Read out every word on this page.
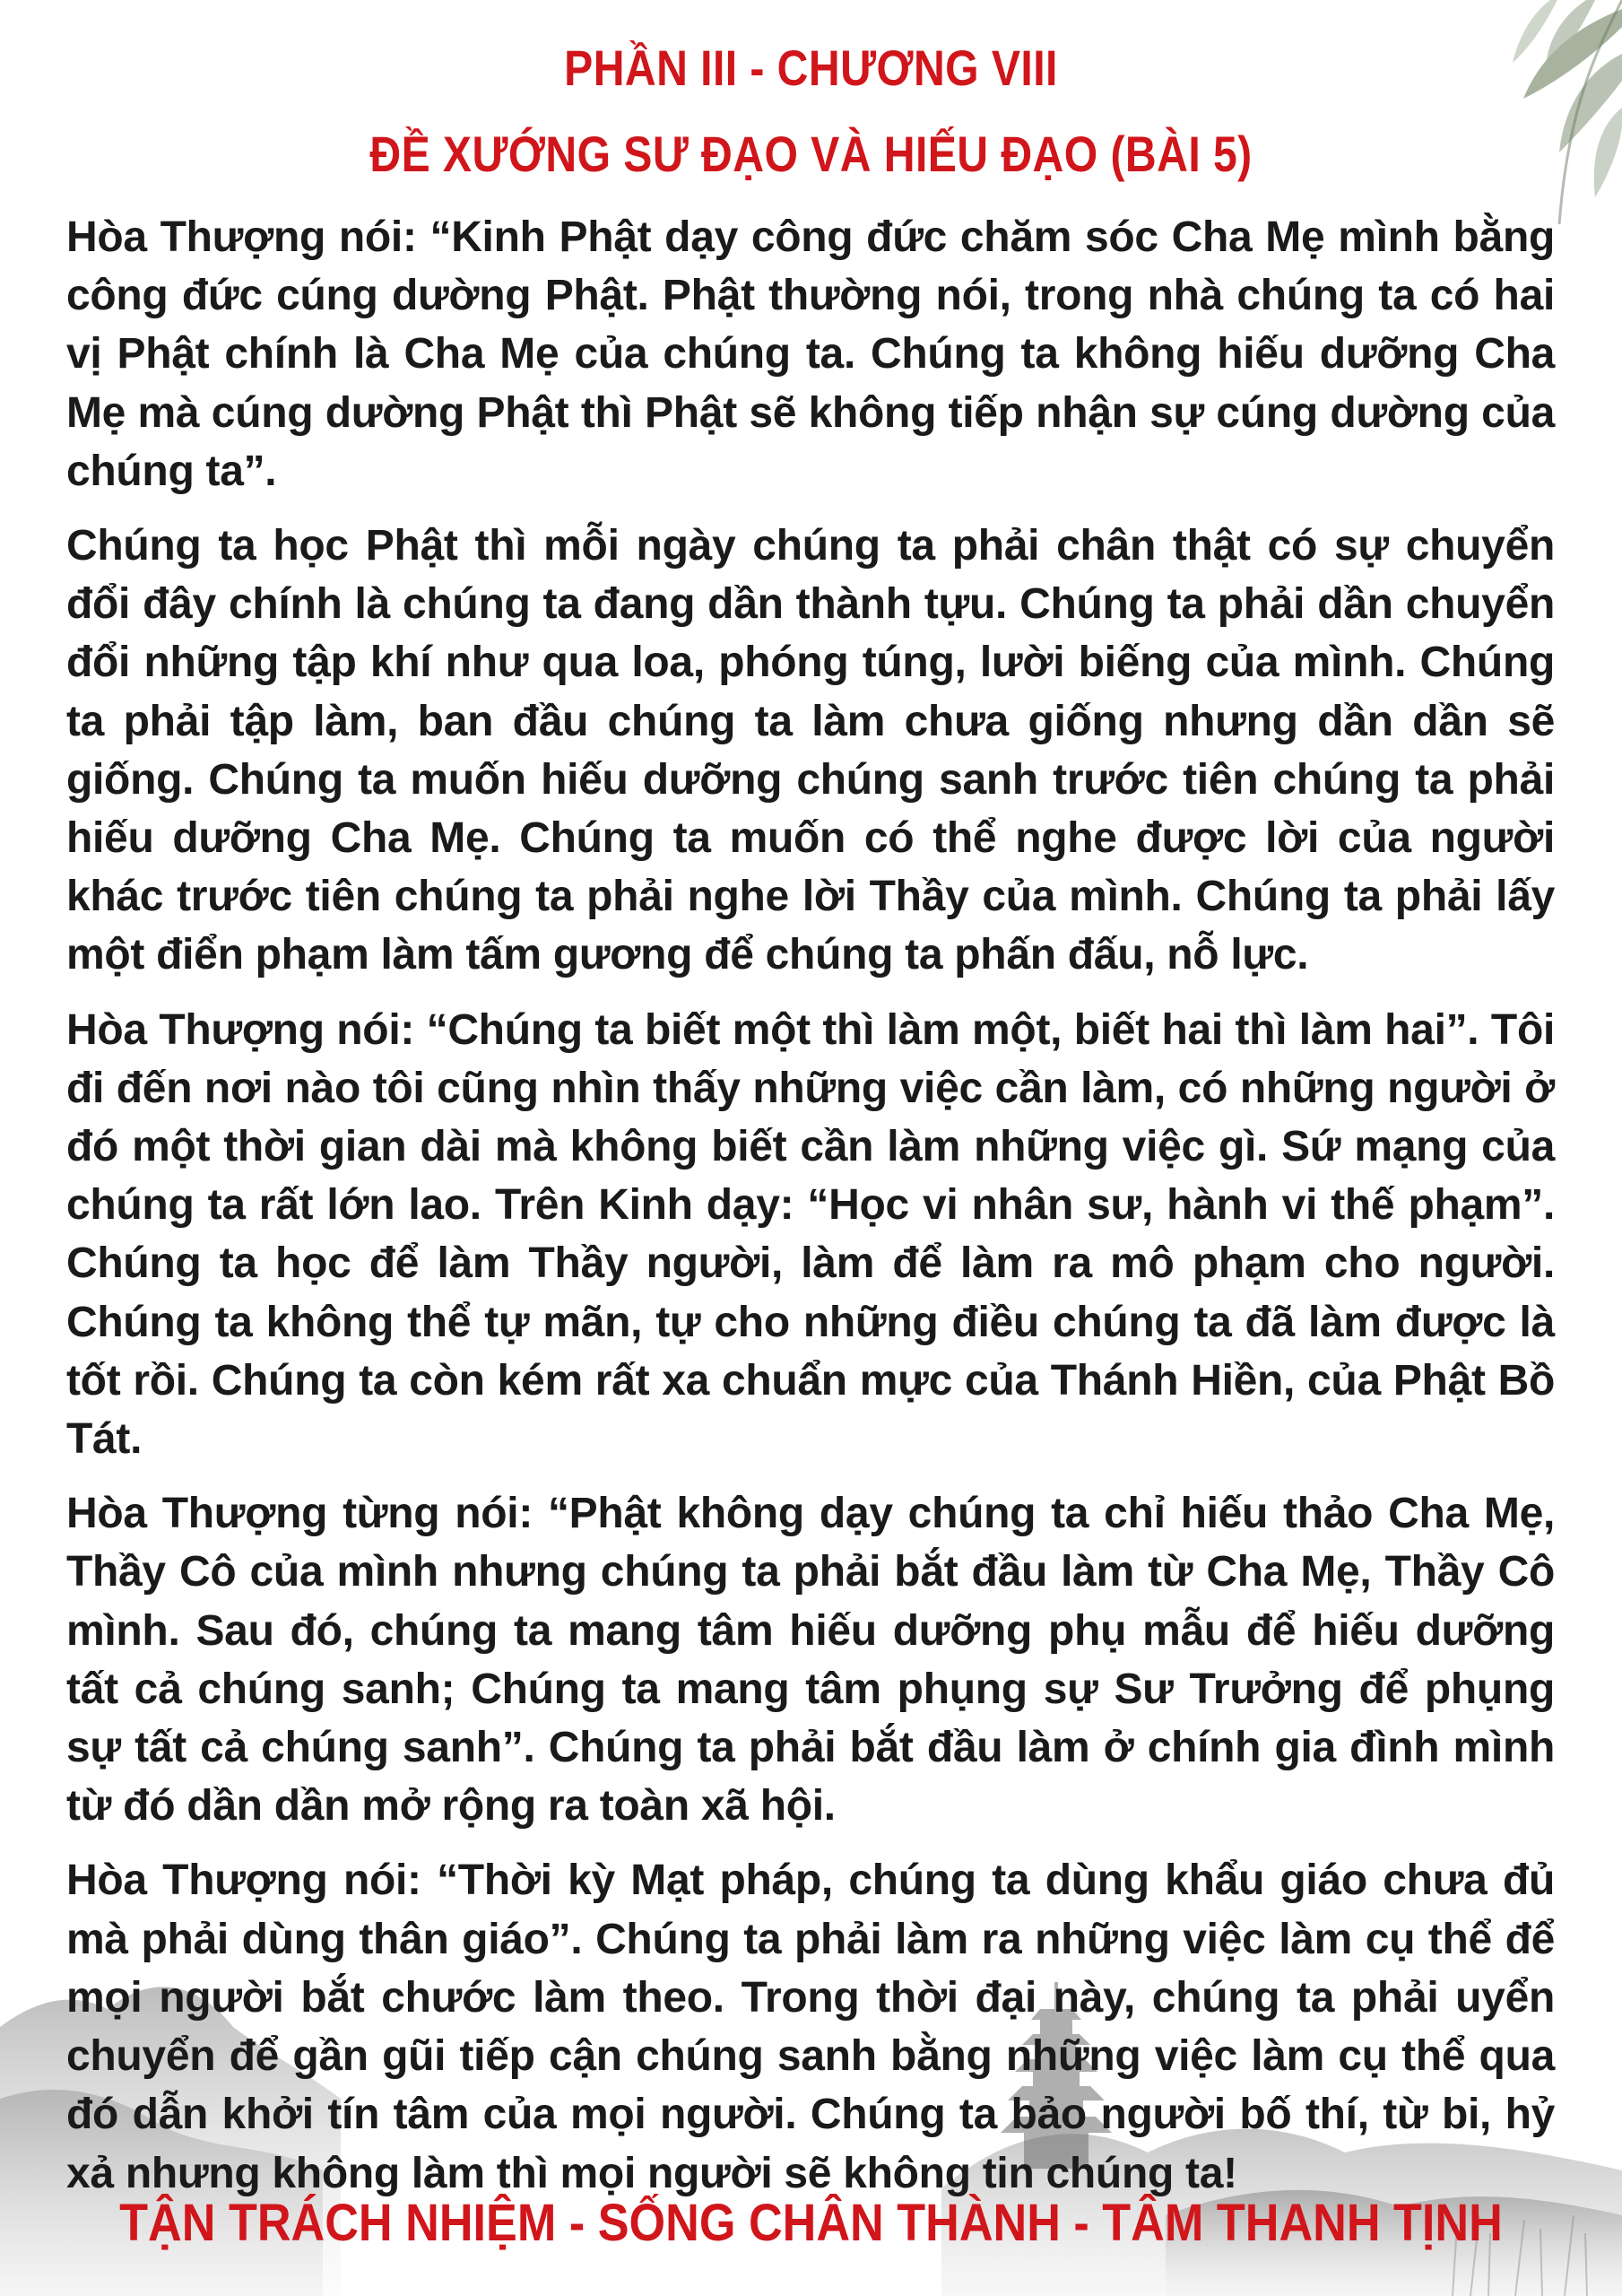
PHẦN III - CHƯƠNG VIII
ĐỀ XƯỚNG SƯ ĐẠO VÀ HIẾU ĐẠO (BÀI 5)

Hòa Thượng nói: “Kinh Phật dạy công đức chăm sóc Cha Mẹ mình bằng công đức cúng dường Phật. Phật thường nói, trong nhà chúng ta có hai vị Phật chính là Cha Mẹ của chúng ta. Chúng ta không hiếu dưỡng Cha Mẹ mà cúng dường Phật thì Phật sẽ không tiếp nhận sự cúng dường của chúng ta”.

Chúng ta học Phật thì mỗi ngày chúng ta phải chân thật có sự chuyển đổi đây chính là chúng ta đang dần thành tựu. Chúng ta phải dần chuyển đổi những tập khí như qua loa, phóng túng, lười biếng của mình. Chúng ta phải tập làm, ban đầu chúng ta làm chưa giống nhưng dần dần sẽ giống. Chúng ta muốn hiếu dưỡng chúng sanh trước tiên chúng ta phải hiếu dưỡng Cha Mẹ. Chúng ta muốn có thể nghe được lời của người khác trước tiên chúng ta phải nghe lời Thầy của mình. Chúng ta phải lấy một điển phạm làm tấm gương để chúng ta phấn đấu, nỗ lực.

Hòa Thượng nói: “Chúng ta biết một thì làm một, biết hai thì làm hai”. Tôi đi đến nơi nào tôi cũng nhìn thấy những việc cần làm, có những người ở đó một thời gian dài mà không biết cần làm những việc gì. Sứ mạng của chúng ta rất lớn lao. Trên Kinh dạy: “Học vi nhân sư, hành vi thế phạm”. Chúng ta học để làm Thầy người, làm để làm ra mô phạm cho người. Chúng ta không thể tự mãn, tự cho những điều chúng ta đã làm được là tốt rồi. Chúng ta còn kém rất xa chuẩn mực của Thánh Hiền, của Phật Bồ Tát.

Hòa Thượng từng nói: “Phật không dạy chúng ta chỉ hiếu thảo Cha Mẹ, Thầy Cô của mình nhưng chúng ta phải bắt đầu làm từ Cha Mẹ, Thầy Cô mình. Sau đó, chúng ta mang tâm hiếu dưỡng phụ mẫu để hiếu dưỡng tất cả chúng sanh; Chúng ta mang tâm phụng sự Sư Trưởng để phụng sự tất cả chúng sanh”. Chúng ta phải bắt đầu làm ở chính gia đình mình từ đó dần dần mở rộng ra toàn xã hội.

Hòa Thượng nói: “Thời kỳ Mạt pháp, chúng ta dùng khẩu giáo chưa đủ mà phải dùng thân giáo”. Chúng ta phải làm ra những việc làm cụ thể để mọi người bắt chước làm theo. Trong thời đại này, chúng ta phải uyển chuyển để gần gũi tiếp cận chúng sanh bằng những việc làm cụ thể qua đó dẫn khởi tín tâm của mọi người. Chúng ta bảo người bố thí, từ bi, hỷ xả nhưng không làm thì mọi người sẽ không tin chúng ta!

TẬN TRÁCH NHIỆM - SỐNG CHÂN THÀNH - TÂM THANH TỊNH
